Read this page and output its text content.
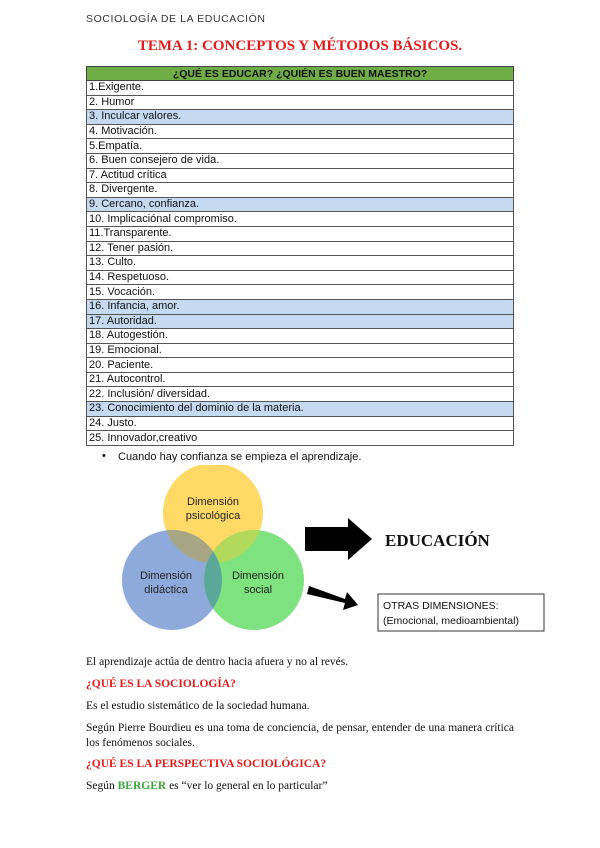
SOCIOLOGÍA DE LA EDUCACIÓN
TEMA 1: CONCEPTOS Y MÉTODOS BÁSICOS.
¿QUÉ ES EDUCAR? ¿QUIÉN ES BUEN MAESTRO?
1.Exigente.
2. Humor
3. Inculcar valores.
4. Motivación.
5.Empatía.
6. Buen consejero de vida.
7. Actitud crítica
8. Divergente.
9. Cercano, confianza.
10. Implicaciónal compromiso.
11.Transparente.
12. Tener pasión.
13. Culto.
14. Respetuoso.
15. Vocación.
16. Infancia, amor.
17. Autoridad.
18. Autogestión.
19. Emocional.
20. Paciente.
21. Autocontrol.
22. Inclusión/ diversidad.
23. Conocimiento del dominio de la materia.
24. Justo.
25. Innovador,creativo
• Cuando hay confianza se empieza el aprendizaje.
Dimensión
psicológica
Dimensión
didáctica
Dimensión
social
EDUCACIÓN
OTRAS DIMENSIONES:
(Emocional, medioambiental)
El aprendizaje actúa de dentro hacia afuera y no al revés.
¿QUÉ ES LA SOCIOLOGÍA?
Es el estudio sistemático de la sociedad humana.
Según Pierre Bourdieu es una toma de conciencia, de pensar, entender de una manera crítica los fenómenos sociales.
¿QUÉ ES LA PERSPECTIVA SOCIOLÓGICA?
Según BERGER es “ver lo general en lo particular”
